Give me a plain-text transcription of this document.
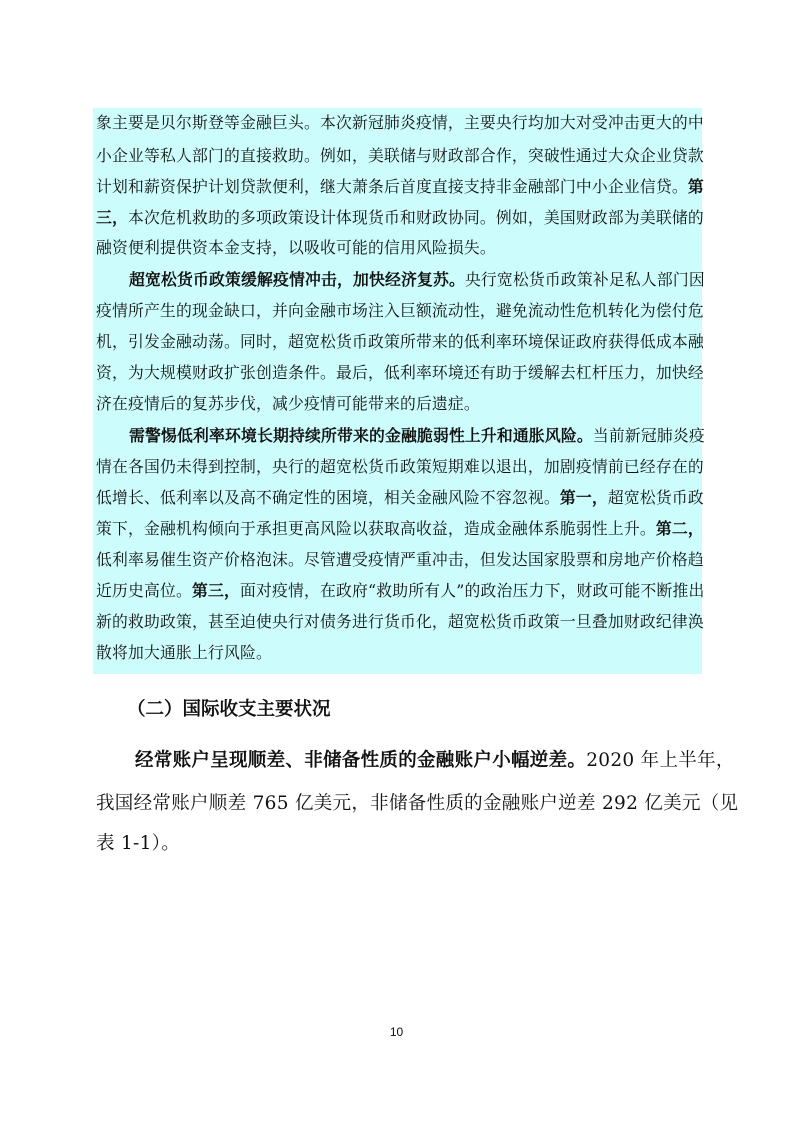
象主要是贝尔斯登等金融巨头。本次新冠肺炎疫情，主要央行均加大对受冲击更大的中
小企业等私人部门的直接救助。例如，美联储与财政部合作，突破性通过大众企业贷款
计划和薪资保护计划贷款便利，继大萧条后首度直接支持非金融部门中小企业信贷。第
三，本次危机救助的多项政策设计体现货币和财政协同。例如，美国财政部为美联储的
融资便利提供资本金支持，以吸收可能的信用风险损失。
超宽松货币政策缓解疫情冲击，加快经济复苏。央行宽松货币政策补足私人部门因
疫情所产生的现金缺口，并向金融市场注入巨额流动性，避免流动性危机转化为偿付危
机，引发金融动荡。同时，超宽松货币政策所带来的低利率环境保证政府获得低成本融
资，为大规模财政扩张创造条件。最后，低利率环境还有助于缓解去杠杆压力，加快经
济在疫情后的复苏步伐，减少疫情可能带来的后遗症。
需警惕低利率环境长期持续所带来的金融脆弱性上升和通胀风险。当前新冠肺炎疫
情在各国仍未得到控制，央行的超宽松货币政策短期难以退出，加剧疫情前已经存在的
低增长、低利率以及高不确定性的困境，相关金融风险不容忽视。第一，超宽松货币政
策下，金融机构倾向于承担更高风险以获取高收益，造成金融体系脆弱性上升。第二，
低利率易催生资产价格泡沫。尽管遭受疫情严重冲击，但发达国家股票和房地产价格趋
近历史高位。第三，面对疫情，在政府“救助所有人”的政治压力下，财政可能不断推出
新的救助政策，甚至迫使央行对债务进行货币化，超宽松货币政策一旦叠加财政纪律涣
散将加大通胀上行风险。
（二）国际收支主要状况
经常账户呈现顺差、非储备性质的金融账户小幅逆差。2020 年上半年，
我国经常账户顺差 765 亿美元，非储备性质的金融账户逆差 292 亿美元（见
表 1-1）。
10
